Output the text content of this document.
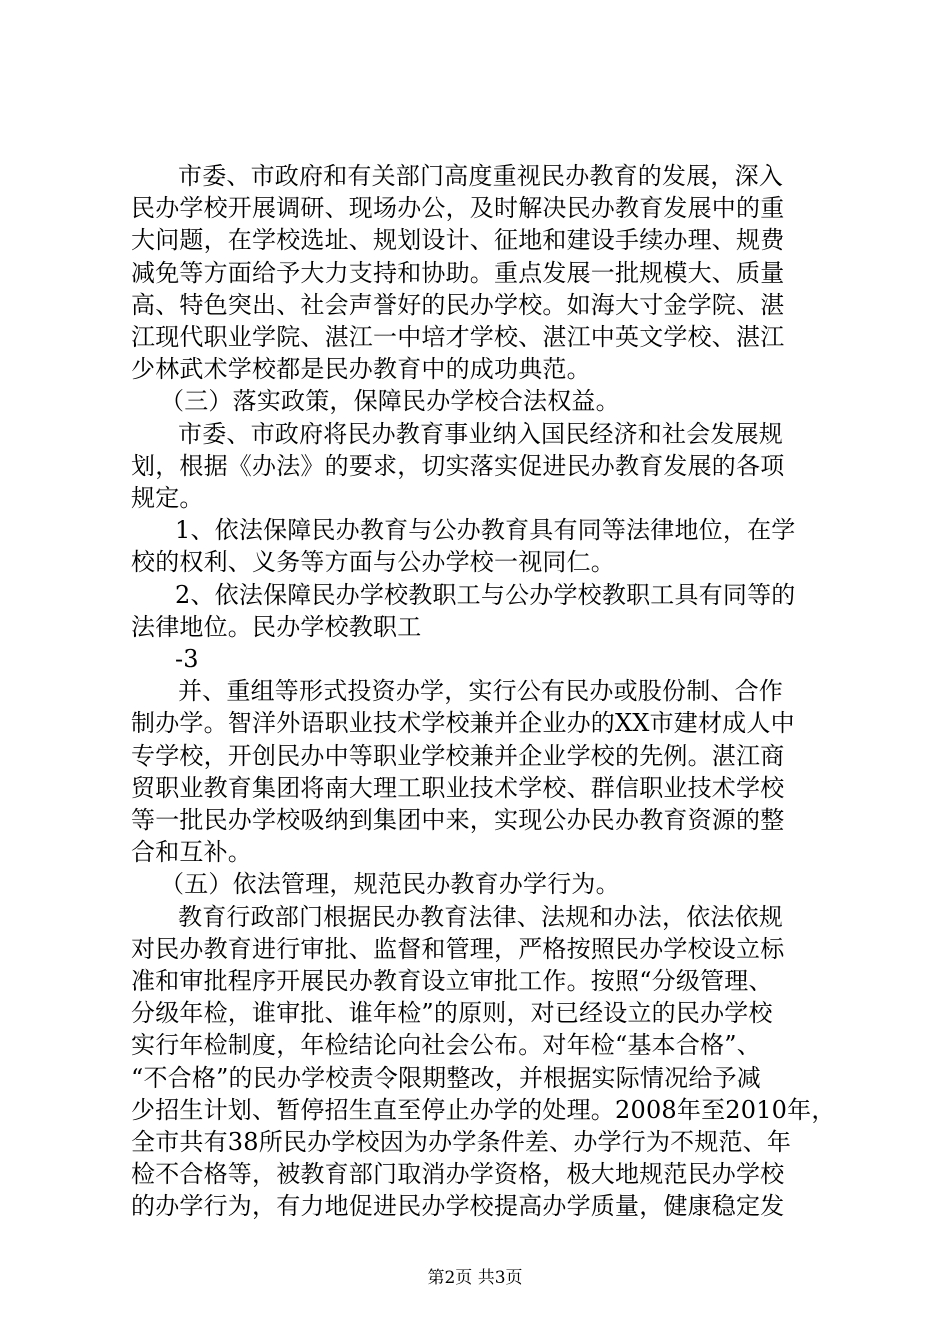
市委、市政府和有关部门高度重视民办教育的发展，深入
民办学校开展调研、现场办公，及时解决民办教育发展中的重
大问题，在学校选址、规划设计、征地和建设手续办理、规费
减免等方面给予大力支持和协助。重点发展一批规模大、质量
高、特色突出、社会声誉好的民办学校。如海大寸金学院、湛
江现代职业学院、湛江一中培才学校、湛江中英文学校、湛江
少林武术学校都是民办教育中的成功典范。
（三）落实政策，保障民办学校合法权益。
市委、市政府将民办教育事业纳入国民经济和社会发展规
划，根据《办法》的要求，切实落实促进民办教育发展的各项
规定。
1、依法保障民办教育与公办教育具有同等法律地位，在学
校的权利、义务等方面与公办学校一视同仁。
2、依法保障民办学校教职工与公办学校教职工具有同等的
法律地位。民办学校教职工
-3
并、重组等形式投资办学，实行公有民办或股份制、合作
制办学。智洋外语职业技术学校兼并企业办的XX市建材成人中
专学校，开创民办中等职业学校兼并企业学校的先例。湛江商
贸职业教育集团将南大理工职业技术学校、群信职业技术学校
等一批民办学校吸纳到集团中来，实现公办民办教育资源的整
合和互补。
（五）依法管理，规范民办教育办学行为。
教育行政部门根据民办教育法律、法规和办法，依法依规
对民办教育进行审批、监督和管理，严格按照民办学校设立标
准和审批程序开展民办教育设立审批工作。按照“分级管理、
分级年检，谁审批、谁年检”的原则，对已经设立的民办学校
实行年检制度，年检结论向社会公布。对年检“基本合格”、
“不合格”的民办学校责令限期整改，并根据实际情况给予减
少招生计划、暂停招生直至停止办学的处理。2008年至2010年，
全市共有38所民办学校因为办学条件差、办学行为不规范、年
检不合格等，被教育部门取消办学资格，极大地规范民办学校
的办学行为，有力地促进民办学校提高办学质量，健康稳定发
第2页 共3页
